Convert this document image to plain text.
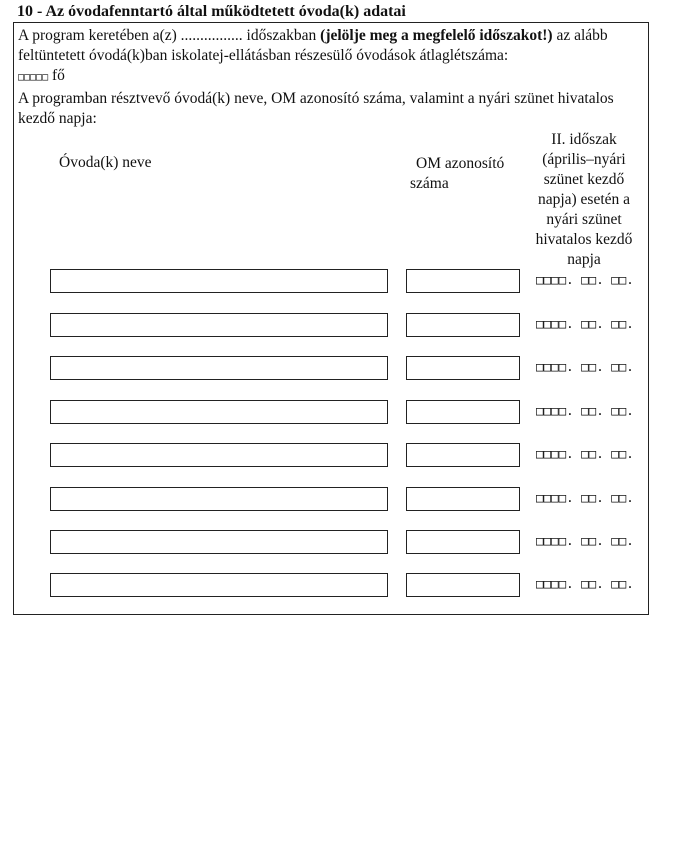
10 - Az óvodafenntartó által működtetett óvoda(k) adatai
A program keretében a(z) ................ időszakban (jelölje meg a megfelelő időszakot!) az alább feltüntetett óvodá(k)ban iskolatej-ellátásban részesülő óvodások átlaglétszáma:
□□□□□ fő
A programban résztvevő óvodá(k) neve, OM azonosító száma, valamint a nyári szünet hivatalos kezdő napja:
Óvoda(k) neve	OM azonosító
száma
II. időszak (április–nyári szünet kezdő napja) esetén a nyári szünet hivatalos kezdő napja
□□□□. □□. □□.
□□□□. □□. □□.
□□□□. □□. □□.
□□□□. □□. □□.
□□□□. □□. □□.
□□□□. □□. □□.
□□□□. □□. □□.
□□□□. □□. □□.
